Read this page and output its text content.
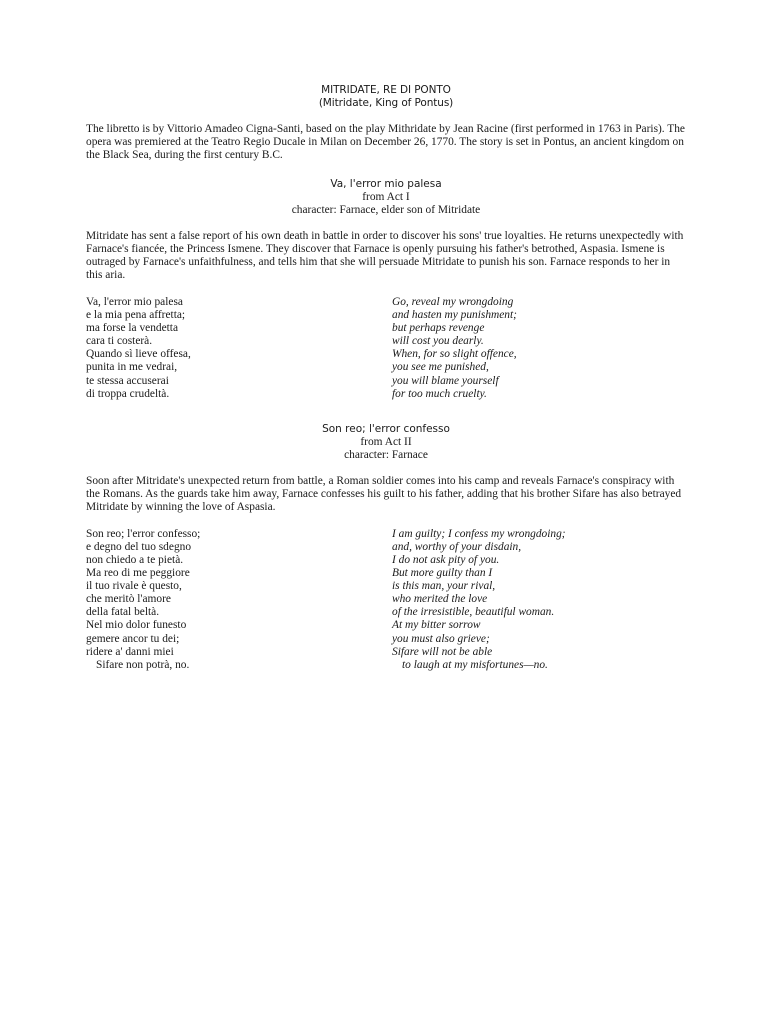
MITRIDATE, RE DI PONTO
(Mitridate, King of Pontus)
The libretto is by Vittorio Amadeo Cigna-Santi, based on the play Mithridate by Jean Racine (first performed in 1763 in Paris). The opera was premiered at the Teatro Regio Ducale in Milan on December 26, 1770. The story is set in Pontus, an ancient kingdom on the Black Sea, during the first century B.C.
Va, l'error mio palesa
from Act I
character: Farnace, elder son of Mitridate
Mitridate has sent a false report of his own death in battle in order to discover his sons' true loyalties. He returns unexpectedly with Farnace's fiancée, the Princess Ismene. They discover that Farnace is openly pursuing his father's betrothed, Aspasia. Ismene is outraged by Farnace's unfaithfulness, and tells him that she will persuade Mitridate to punish his son. Farnace responds to her in this aria.
Va, l'error mio palesa
e la mia pena affretta;
ma forse la vendetta
cara ti costerà.
Quando sì lieve offesa,
punita in me vedrai,
te stessa accuserai
di troppa crudeltà.
Go, reveal my wrongdoing
and hasten my punishment;
but perhaps revenge
will cost you dearly.
When, for so slight offence,
you see me punished,
you will blame yourself
for too much cruelty.
Son reo; l'error confesso
from Act II
character: Farnace
Soon after Mitridate's unexpected return from battle, a Roman soldier comes into his camp and reveals Farnace's conspiracy with the Romans. As the guards take him away, Farnace confesses his guilt to his father, adding that his brother Sifare has also betrayed Mitridate by winning the love of Aspasia.
Son reo; l'error confesso;
e degno del tuo sdegno
non chiedo a te pietà.
Ma reo di me peggiore
il tuo rivale è questo,
che meritò l'amore
della fatal beltà.
Nel mio dolor funesto
gemere ancor tu dei;
ridere a' danni miei
Sifare non potrà, no.
I am guilty; I confess my wrongdoing;
and, worthy of your disdain,
I do not ask pity of you.
But more guilty than I
is this man, your rival,
who merited the love
of the irresistible, beautiful woman.
At my bitter sorrow
you must also grieve;
Sifare will not be able
to laugh at my misfortunes—no.
